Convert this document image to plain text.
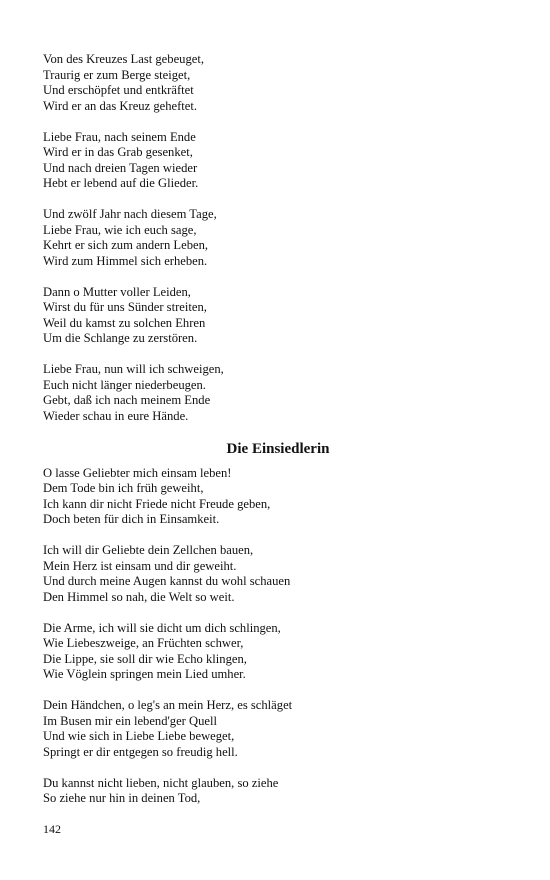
Von des Kreuzes Last gebeuget,
Traurig er zum Berge steiget,
Und erschöpfet und entkräftet
Wird er an das Kreuz geheftet.
Liebe Frau, nach seinem Ende
Wird er in das Grab gesenket,
Und nach dreien Tagen wieder
Hebt er lebend auf die Glieder.
Und zwölf Jahr nach diesem Tage,
Liebe Frau, wie ich euch sage,
Kehrt er sich zum andern Leben,
Wird zum Himmel sich erheben.
Dann o Mutter voller Leiden,
Wirst du für uns Sünder streiten,
Weil du kamst zu solchen Ehren
Um die Schlange zu zerstören.
Liebe Frau, nun will ich schweigen,
Euch nicht länger niederbeugen.
Gebt, daß ich nach meinem Ende
Wieder schau in eure Hände.
Die Einsiedlerin
O lasse Geliebter mich einsam leben!
Dem Tode bin ich früh geweiht,
Ich kann dir nicht Friede nicht Freude geben,
Doch beten für dich in Einsamkeit.
Ich will dir Geliebte dein Zellchen bauen,
Mein Herz ist einsam und dir geweiht.
Und durch meine Augen kannst du wohl schauen
Den Himmel so nah, die Welt so weit.
Die Arme, ich will sie dicht um dich schlingen,
Wie Liebeszweige, an Früchten schwer,
Die Lippe, sie soll dir wie Echo klingen,
Wie Vöglein springen mein Lied umher.
Dein Händchen, o leg's an mein Herz, es schläget
Im Busen mir ein lebend'ger Quell
Und wie sich in Liebe Liebe beweget,
Springt er dir entgegen so freudig hell.
Du kannst nicht lieben, nicht glauben, so ziehe
So ziehe nur hin in deinen Tod,
142
